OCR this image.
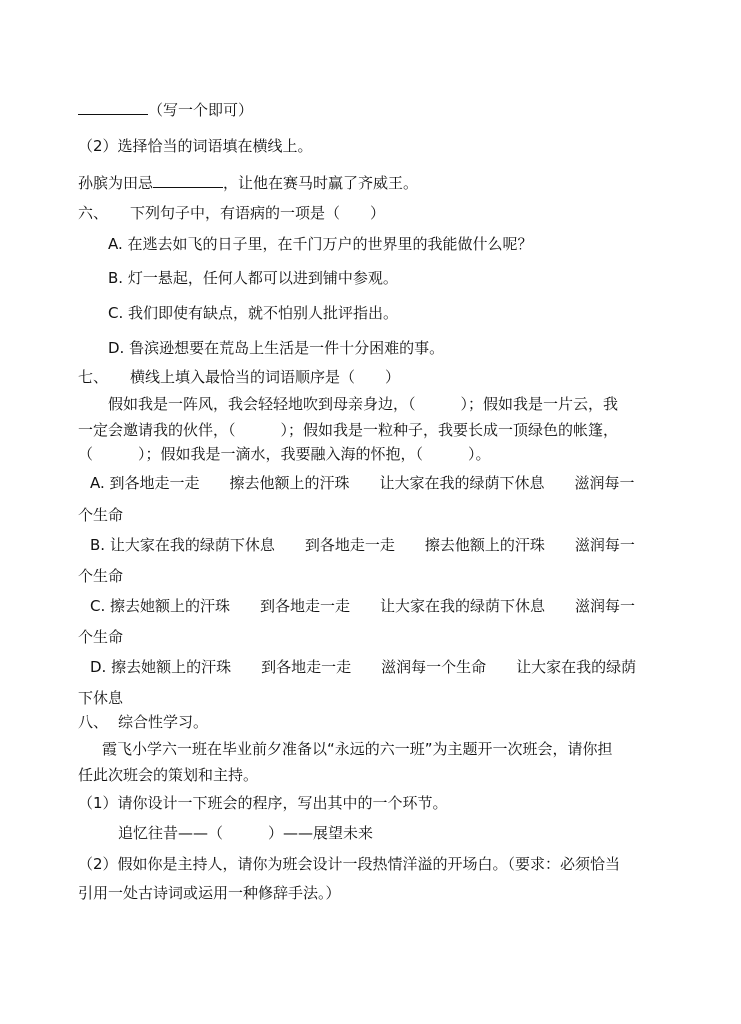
（写一个即可）
（2）选择恰当的词语填在横线上。
孙膑为田忌	，让他在赛马时赢了齐威王。
六、 下列句子中，有语病的一项是（　　）
A. 在逃去如飞的日子里，在千门万户的世界里的我能做什么呢？
B. 灯一悬起，任何人都可以进到铺中参观。
C. 我们即使有缺点，就不怕别人批评指出。
D. 鲁滨逊想要在荒岛上生活是一件十分困难的事。
七、 横线上填入最恰当的词语顺序是（　　）
假如我是一阵风，我会轻轻地吹到母亲身边，（　　　）；假如我是一片云，我
一定会邀请我的伙伴，（　　　）；假如我是一粒种子，我要长成一顶绿色的帐篷，
（　　　）；假如我是一滴水，我要融入海的怀抱，（　　　）。
A. 到各地走一走　　擦去他额上的汗珠　　让大家在我的绿荫下休息　　滋润每一
个生命
B. 让大家在我的绿荫下休息　　到各地走一走　　擦去他额上的汗珠　　滋润每一
个生命
C. 擦去她额上的汗珠　　到各地走一走　　让大家在我的绿荫下休息　　滋润每一
个生命
D. 擦去她额上的汗珠　　到各地走一走　　滋润每一个生命　　让大家在我的绿荫
下休息
八、 综合性学习。
霞飞小学六一班在毕业前夕准备以“永远的六一班”为主题开一次班会，请你担
任此次班会的策划和主持。
（1）请你设计一下班会的程序，写出其中的一个环节。
追忆往昔——（　　　）——展望未来
（2）假如你是主持人，请你为班会设计一段热情洋溢的开场白。（要求：必须恰当
引用一处古诗词或运用一种修辞手法。）
